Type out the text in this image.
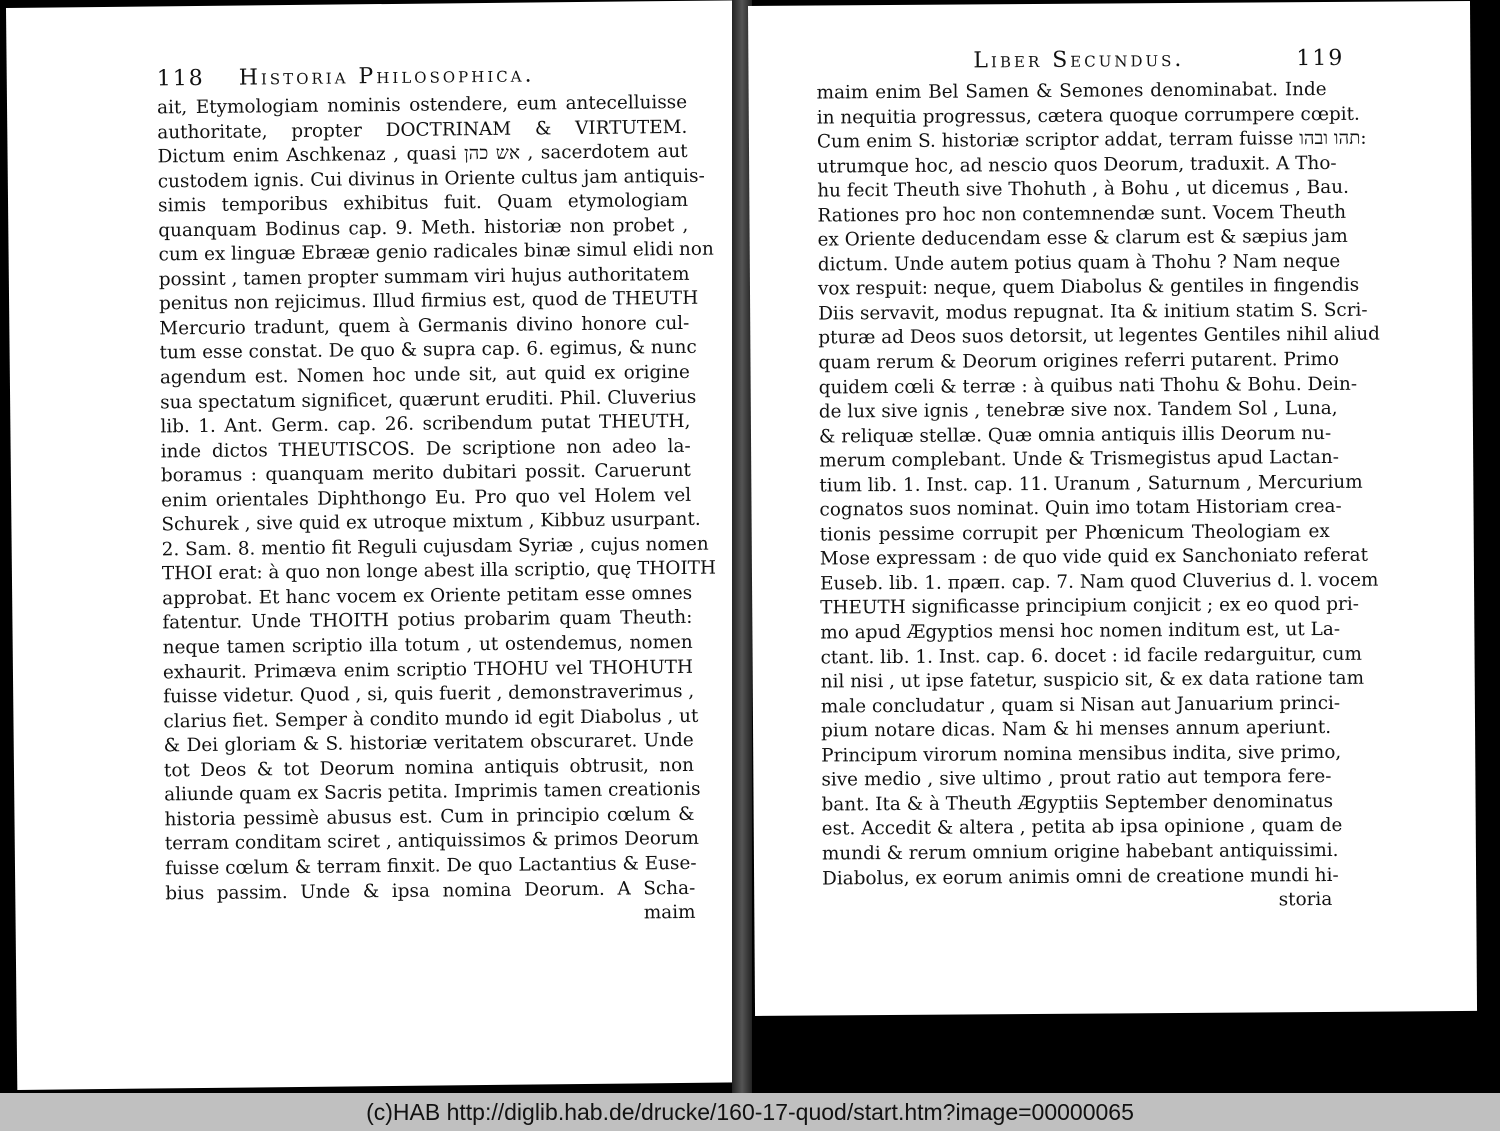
118 Historia Philosophica.
ait, Etymologiam nominis ostendere, eum antecelluisse
authoritate, propter DOCTRINAM & VIRTUTEM.
Dictum enim Aschkenaz , quasi אש כהן , sacerdotem aut
custodem ignis. Cui divinus in Oriente cultus jam antiquis-
simis temporibus exhibitus fuit. Quam etymologiam
quanquam Bodinus cap. 9. Meth. historiæ non probet ,
cum ex linguæ Ebrææ genio radicales binæ simul elidi non
possint , tamen propter summam viri hujus authoritatem
penitus non rejicimus. Illud firmius est, quod de THEUTH
Mercurio tradunt, quem à Germanis divino honore cul-
tum esse constat. De quo & supra cap. 6. egimus, & nunc
agendum est. Nomen hoc unde sit, aut quid ex origine
sua spectatum significet, quærunt eruditi. Phil. Cluverius
lib. 1. Ant. Germ. cap. 26. scribendum putat THEUTH,
inde dictos THEUTISCOS. De scriptione non adeo la-
boramus : quanquam merito dubitari possit. Caruerunt
enim orientales Diphthongo Eu. Pro quo vel Holem vel
Schurek , sive quid ex utroque mixtum , Kibbuz usurpant.
2. Sam. 8. mentio fit Reguli cujusdam Syriæ , cujus nomen
THOI erat: à quo non longe abest illa scriptio, quę THOITH
approbat. Et hanc vocem ex Oriente petitam esse omnes
fatentur. Unde THOITH potius probarim quam Theuth:
neque tamen scriptio illa totum , ut ostendemus, nomen
exhaurit. Primæva enim scriptio THOHU vel THOHUTH
fuisse videtur. Quod , si, quis fuerit , demonstraverimus ,
clarius fiet. Semper à condito mundo id egit Diabolus , ut
& Dei gloriam & S. historiæ veritatem obscuraret. Unde
tot Deos & tot Deorum nomina antiquis obtrusit, non
aliunde quam ex Sacris petita. Imprimis tamen creationis
historia pessimè abusus est. Cum in principio cœlum &
terram conditam sciret , antiquissimos & primos Deorum
fuisse cœlum & terram finxit. De quo Lactantius & Euse-
bius passim. Unde & ipsa nomina Deorum. A Scha-
maim
Liber Secundus.	119
maim enim Bel Samen & Semones denominabat. Inde
in nequitia progressus, cætera quoque corrumpere cœpit.
Cum enim S. historiæ scriptor addat, terram fuisse תהו ובהו:
utrumque hoc, ad nescio quos Deorum, traduxit. A Tho-
hu fecit Theuth sive Thohuth , à Bohu , ut dicemus , Bau.
Rationes pro hoc non contemnendæ sunt. Vocem Theuth
ex Oriente deducendam esse & clarum est & sæpius jam
dictum. Unde autem potius quam à Thohu ? Nam neque
vox respuit: neque, quem Diabolus & gentiles in fingendis
Diis servavit, modus repugnat. Ita & initium statim S. Scri-
pturæ ad Deos suos detorsit, ut legentes Gentiles nihil aliud
quam rerum & Deorum origines referri putarent. Primo
quidem cœli & terræ : à quibus nati Thohu & Bohu. Dein-
de lux sive ignis , tenebræ sive nox. Tandem Sol , Luna,
& reliquæ stellæ. Quæ omnia antiquis illis Deorum nu-
merum complebant. Unde & Trismegistus apud Lactan-
tium lib. 1. Inst. cap. 11. Uranum , Saturnum , Mercurium
cognatos suos nominat. Quin imo totam Historiam crea-
tionis pessime corrupit per Phœnicum Theologiam ex
Mose expressam : de quo vide quid ex Sanchoniato referat
Euseb. lib. 1. πρæπ. cap. 7. Nam quod Cluverius d. l. vocem
THEUTH significasse principium conjicit ; ex eo quod pri-
mo apud Ægyptios mensi hoc nomen inditum est, ut La-
ctant. lib. 1. Inst. cap. 6. docet : id facile redarguitur, cum
nil nisi , ut ipse fatetur, suspicio sit, & ex data ratione tam
male concludatur , quam si Nisan aut Januarium princi-
pium notare dicas. Nam & hi menses annum aperiunt.
Principum virorum nomina mensibus indita, sive primo,
sive medio , sive ultimo , prout ratio aut tempora fere-
bant. Ita & à Theuth Ægyptiis September denominatus
est. Accedit & altera , petita ab ipsa opinione , quam de
mundi & rerum omnium origine habebant antiquissimi.
Diabolus, ex eorum animis omni de creatione mundi hi-
storia
(c)HAB http://diglib.hab.de/drucke/160-17-quod/start.htm?image=00000065
